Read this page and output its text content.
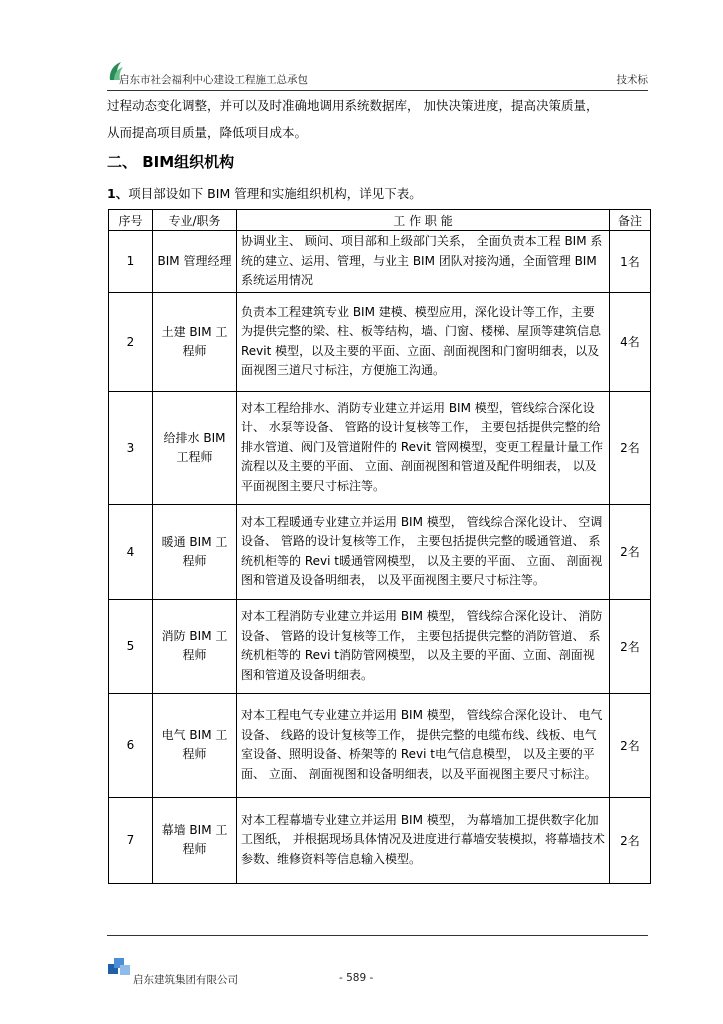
启东市社会福利中心建设工程施工总承包	技术标
过程动态变化调整，并可以及时准确地调用系统数据库， 加快决策进度，提高决策质量，
从而提高项目质量，降低项目成本。
二、 BIM组织机构
1、项目部设如下 BIM 管理和实施组织机构，详见下表。
序号	专业/职务	工 作 职 能	备注
1	BIM 管理经理	协调业主、 顾问、项目部和上级部门关系， 全面负责本工程 BIM 系统的建立、运用、管理，与业主 BIM 团队对接沟通，全面管理 BIM 系统运用情况	1名
2	土建 BIM 工程师	负责本工程建筑专业 BIM 建模、模型应用，深化设计等工作，主要为提供完整的梁、柱、板等结构，墙、门窗、楼梯、屋顶等建筑信息 Revit 模型，以及主要的平面、立面、剖面视图和门窗明细表，以及面视图三道尺寸标注，方便施工沟通。	4名
3	给排水 BIM 工程师	对本工程给排水、消防专业建立并运用 BIM 模型，管线综合深化设计、 水泵等设备、 管路的设计复核等工作， 主要包括提供完整的给排水管道、阀门及管道附件的 Revit 管网模型，变更工程量计量工作流程以及主要的平面、 立面、剖面视图和管道及配件明细表， 以及平面视图主要尺寸标注等。	2名
4	暖通 BIM 工程师	对本工程暖通专业建立并运用 BIM 模型， 管线综合深化设计、 空调设备、 管路的设计复核等工作， 主要包括提供完整的暖通管道、 系统机柜等的 Revi t暖通管网模型， 以及主要的平面、 立面、 剖面视图和管道及设备明细表， 以及平面视图主要尺寸标注等。	2名
5	消防 BIM 工程师	对本工程消防专业建立并运用 BIM 模型， 管线综合深化设计、 消防设备、 管路的设计复核等工作， 主要包括提供完整的消防管道、 系统机柜等的 Revi t消防管网模型， 以及主要的平面、立面、剖面视图和管道及设备明细表。	2名
6	电气 BIM 工程师	对本工程电气专业建立并运用 BIM 模型， 管线综合深化设计、 电气设备、 线路的设计复核等工作， 提供完整的电缆布线、线板、电气室设备、照明设备、桥架等的 Revi t电气信息模型， 以及主要的平面、 立面、 剖面视图和设备明细表，以及平面视图主要尺寸标注。	2名
7	幕墙 BIM 工程师	对本工程幕墙专业建立并运用 BIM 模型， 为幕墙加工提供数字化加工图纸， 并根据现场具体情况及进度进行幕墙安装模拟，将幕墙技术参数、维修资料等信息输入模型。	2名
启东建筑集团有限公司	- 589 -
